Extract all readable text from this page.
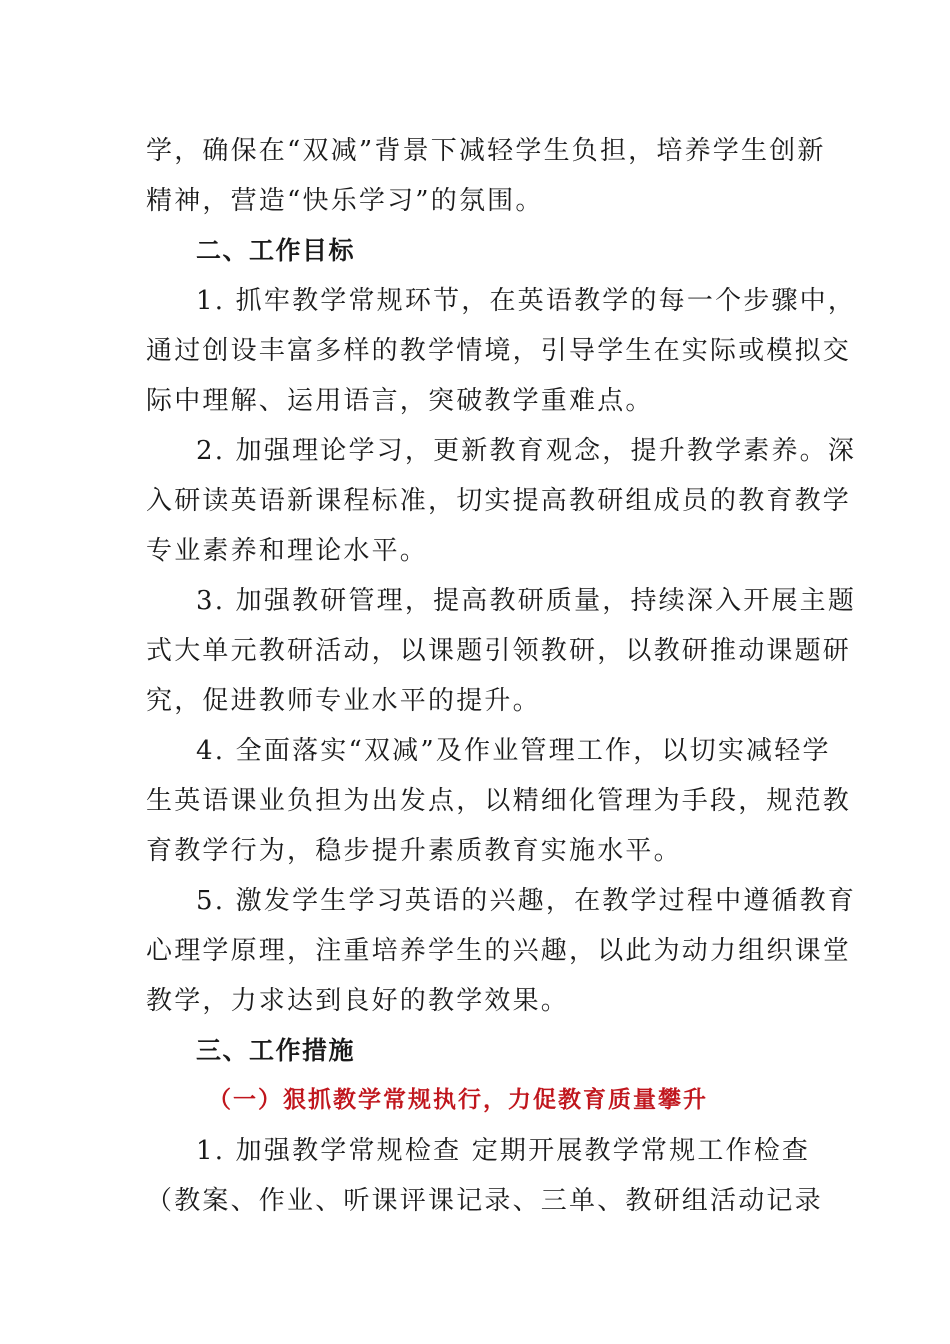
学，确保在“双减”背景下减轻学生负担，培养学生创新
精神，营造“快乐学习”的氛围。
二、工作目标
1. 抓牢教学常规环节，在英语教学的每一个步骤中，
通过创设丰富多样的教学情境，引导学生在实际或模拟交
际中理解、运用语言，突破教学重难点。
2. 加强理论学习，更新教育观念，提升教学素养。深
入研读英语新课程标准，切实提高教研组成员的教育教学
专业素养和理论水平。
3. 加强教研管理，提高教研质量，持续深入开展主题
式大单元教研活动，以课题引领教研，以教研推动课题研
究，促进教师专业水平的提升。
4. 全面落实“双减”及作业管理工作，以切实减轻学
生英语课业负担为出发点，以精细化管理为手段，规范教
育教学行为，稳步提升素质教育实施水平。
5. 激发学生学习英语的兴趣，在教学过程中遵循教育
心理学原理，注重培养学生的兴趣，以此为动力组织课堂
教学，力求达到良好的教学效果。
三、工作措施
（一）狠抓教学常规执行，力促教育质量攀升
1. 加强教学常规检查 定期开展教学常规工作检查
（教案、作业、听课评课记录、三单、教研组活动记录
